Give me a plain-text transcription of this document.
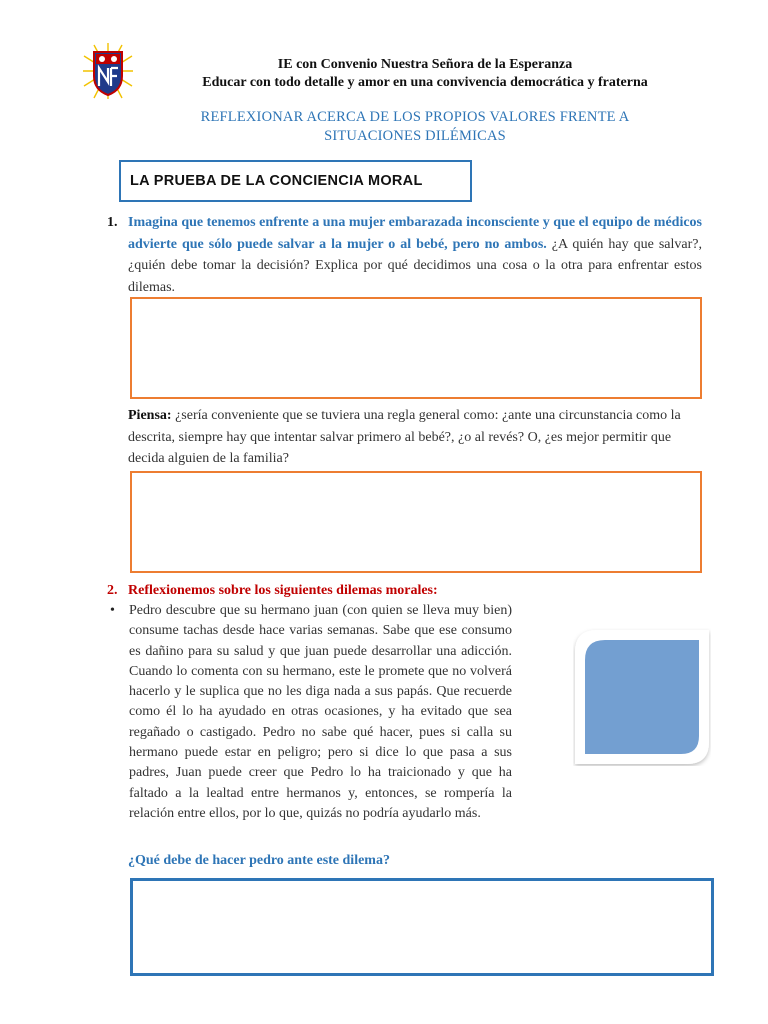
IE con Convenio Nuestra Señora de la Esperanza
Educar con todo detalle y amor en una convivencia democrática y fraterna
REFLEXIONAR ACERCA DE LOS PROPIOS VALORES FRENTE A
SITUACIONES DILÉMICAS
LA PRUEBA DE LA CONCIENCIA MORAL
1. Imagina que tenemos enfrente a una mujer embarazada inconsciente y que el equipo de médicos advierte que sólo puede salvar a la mujer o al bebé, pero no ambos. ¿A quién hay que salvar?, ¿quién debe tomar la decisión? Explica por qué decidimos una cosa o la otra para enfrentar estos dilemas.
Piensa: ¿sería conveniente que se tuviera una regla general como: ¿ante una circunstancia como la descrita, siempre hay que intentar salvar primero al bebé?, ¿o al revés? O, ¿es mejor permitir que decida alguien de la familia?
2. Reflexionemos sobre los siguientes dilemas morales:
• Pedro descubre que su hermano juan (con quien se lleva muy bien) consume tachas desde hace varias semanas. Sabe que ese consumo es dañino para su salud y que juan puede desarrollar una adicción. Cuando lo comenta con su hermano, este le promete que no volverá hacerlo y le suplica que no les diga nada a sus papás. Que recuerde como él lo ha ayudado en otras ocasiones, y ha evitado que sea regañado o castigado. Pedro no sabe qué hacer, pues si calla su hermano puede estar en peligro; pero si dice lo que pasa a sus padres, Juan puede creer que Pedro lo ha traicionado y que ha faltado a la lealtad entre hermanos y, entonces, se rompería la relación entre ellos, por lo que, quizás no podría ayudarlo más.
¿Qué debe de hacer pedro ante este dilema?
